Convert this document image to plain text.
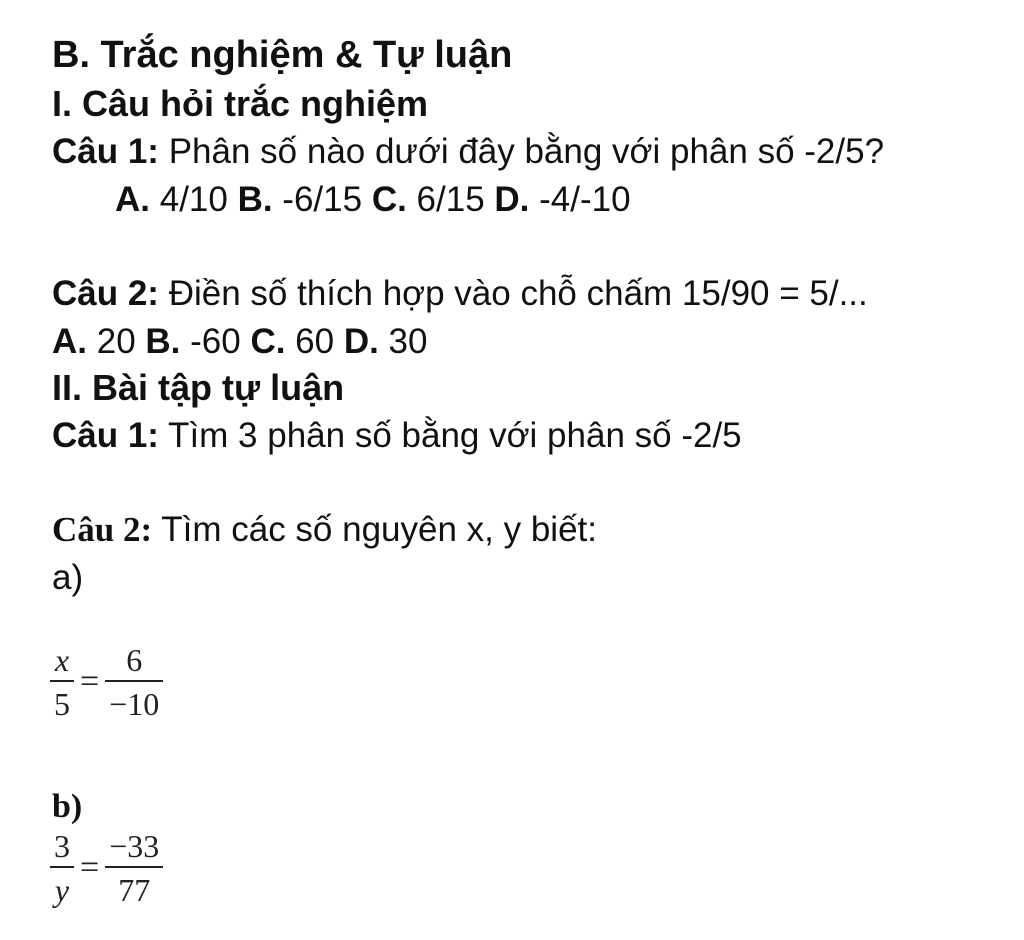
B. Trắc nghiệm & Tự luận
I. Câu hỏi trắc nghiệm
Câu 1: Phân số nào dưới đây bằng với phân số -2/5?
A. 4/10 B. -6/15 C. 6/15 D. -4/-10
Câu 2: Điền số thích hợp vào chỗ chấm 15/90 = 5/...
A. 20 B. -60 C. 60 D. 30
II. Bài tập tự luận
Câu 1: Tìm 3 phân số bằng với phân số -2/5
Câu 2: Tìm các số nguyên x, y biết:
a)
$\frac{x}{5} = \frac{6}{-10}$
b)
$\frac{3}{y} = \frac{-33}{77}$
